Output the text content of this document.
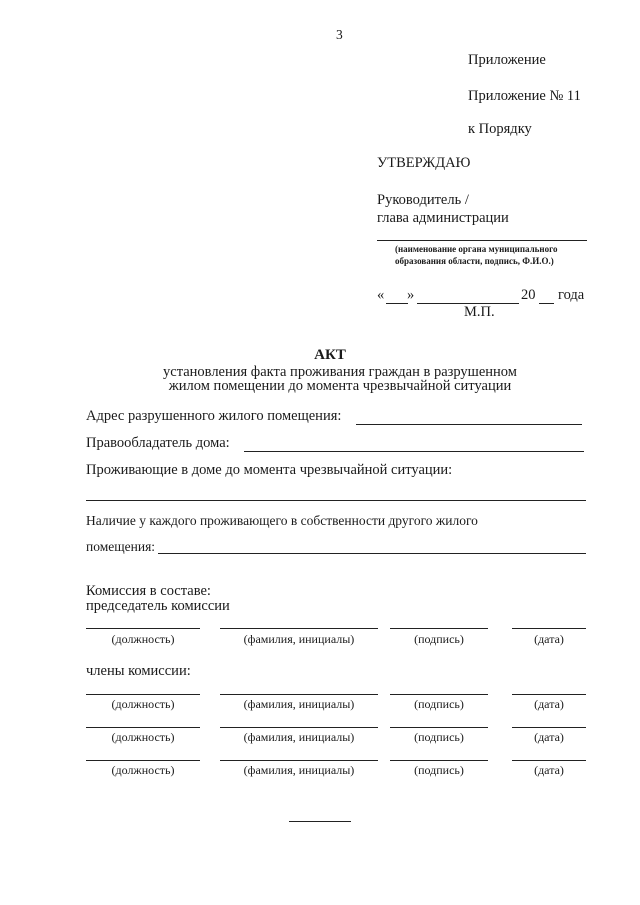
3
Приложение
Приложение № 11
к Порядку
УТВЕРЖДАЮ
Руководитель /
глава администрации
(наименование органа муниципального
образования области, подпись, Ф.И.О.)
« »	20 года
М.П.
АКТ
установления факта проживания граждан в разрушенном
жилом помещении до момента чрезвычайной ситуации
Адрес разрушенного жилого помещения:
Правообладатель дома:
Проживающие в доме до момента чрезвычайной ситуации:
Наличие у каждого проживающего в собственности другого жилого
помещения:
Комиссия в составе:
председатель комиссии
(должность)	(фамилия, инициалы)	(подпись)	(дата)
члены комиссии:
(должность)	(фамилия, инициалы)	(подпись)	(дата)
(должность)	(фамилия, инициалы)	(подпись)	(дата)
(должность)	(фамилия, инициалы)	(подпись)	(дата)
